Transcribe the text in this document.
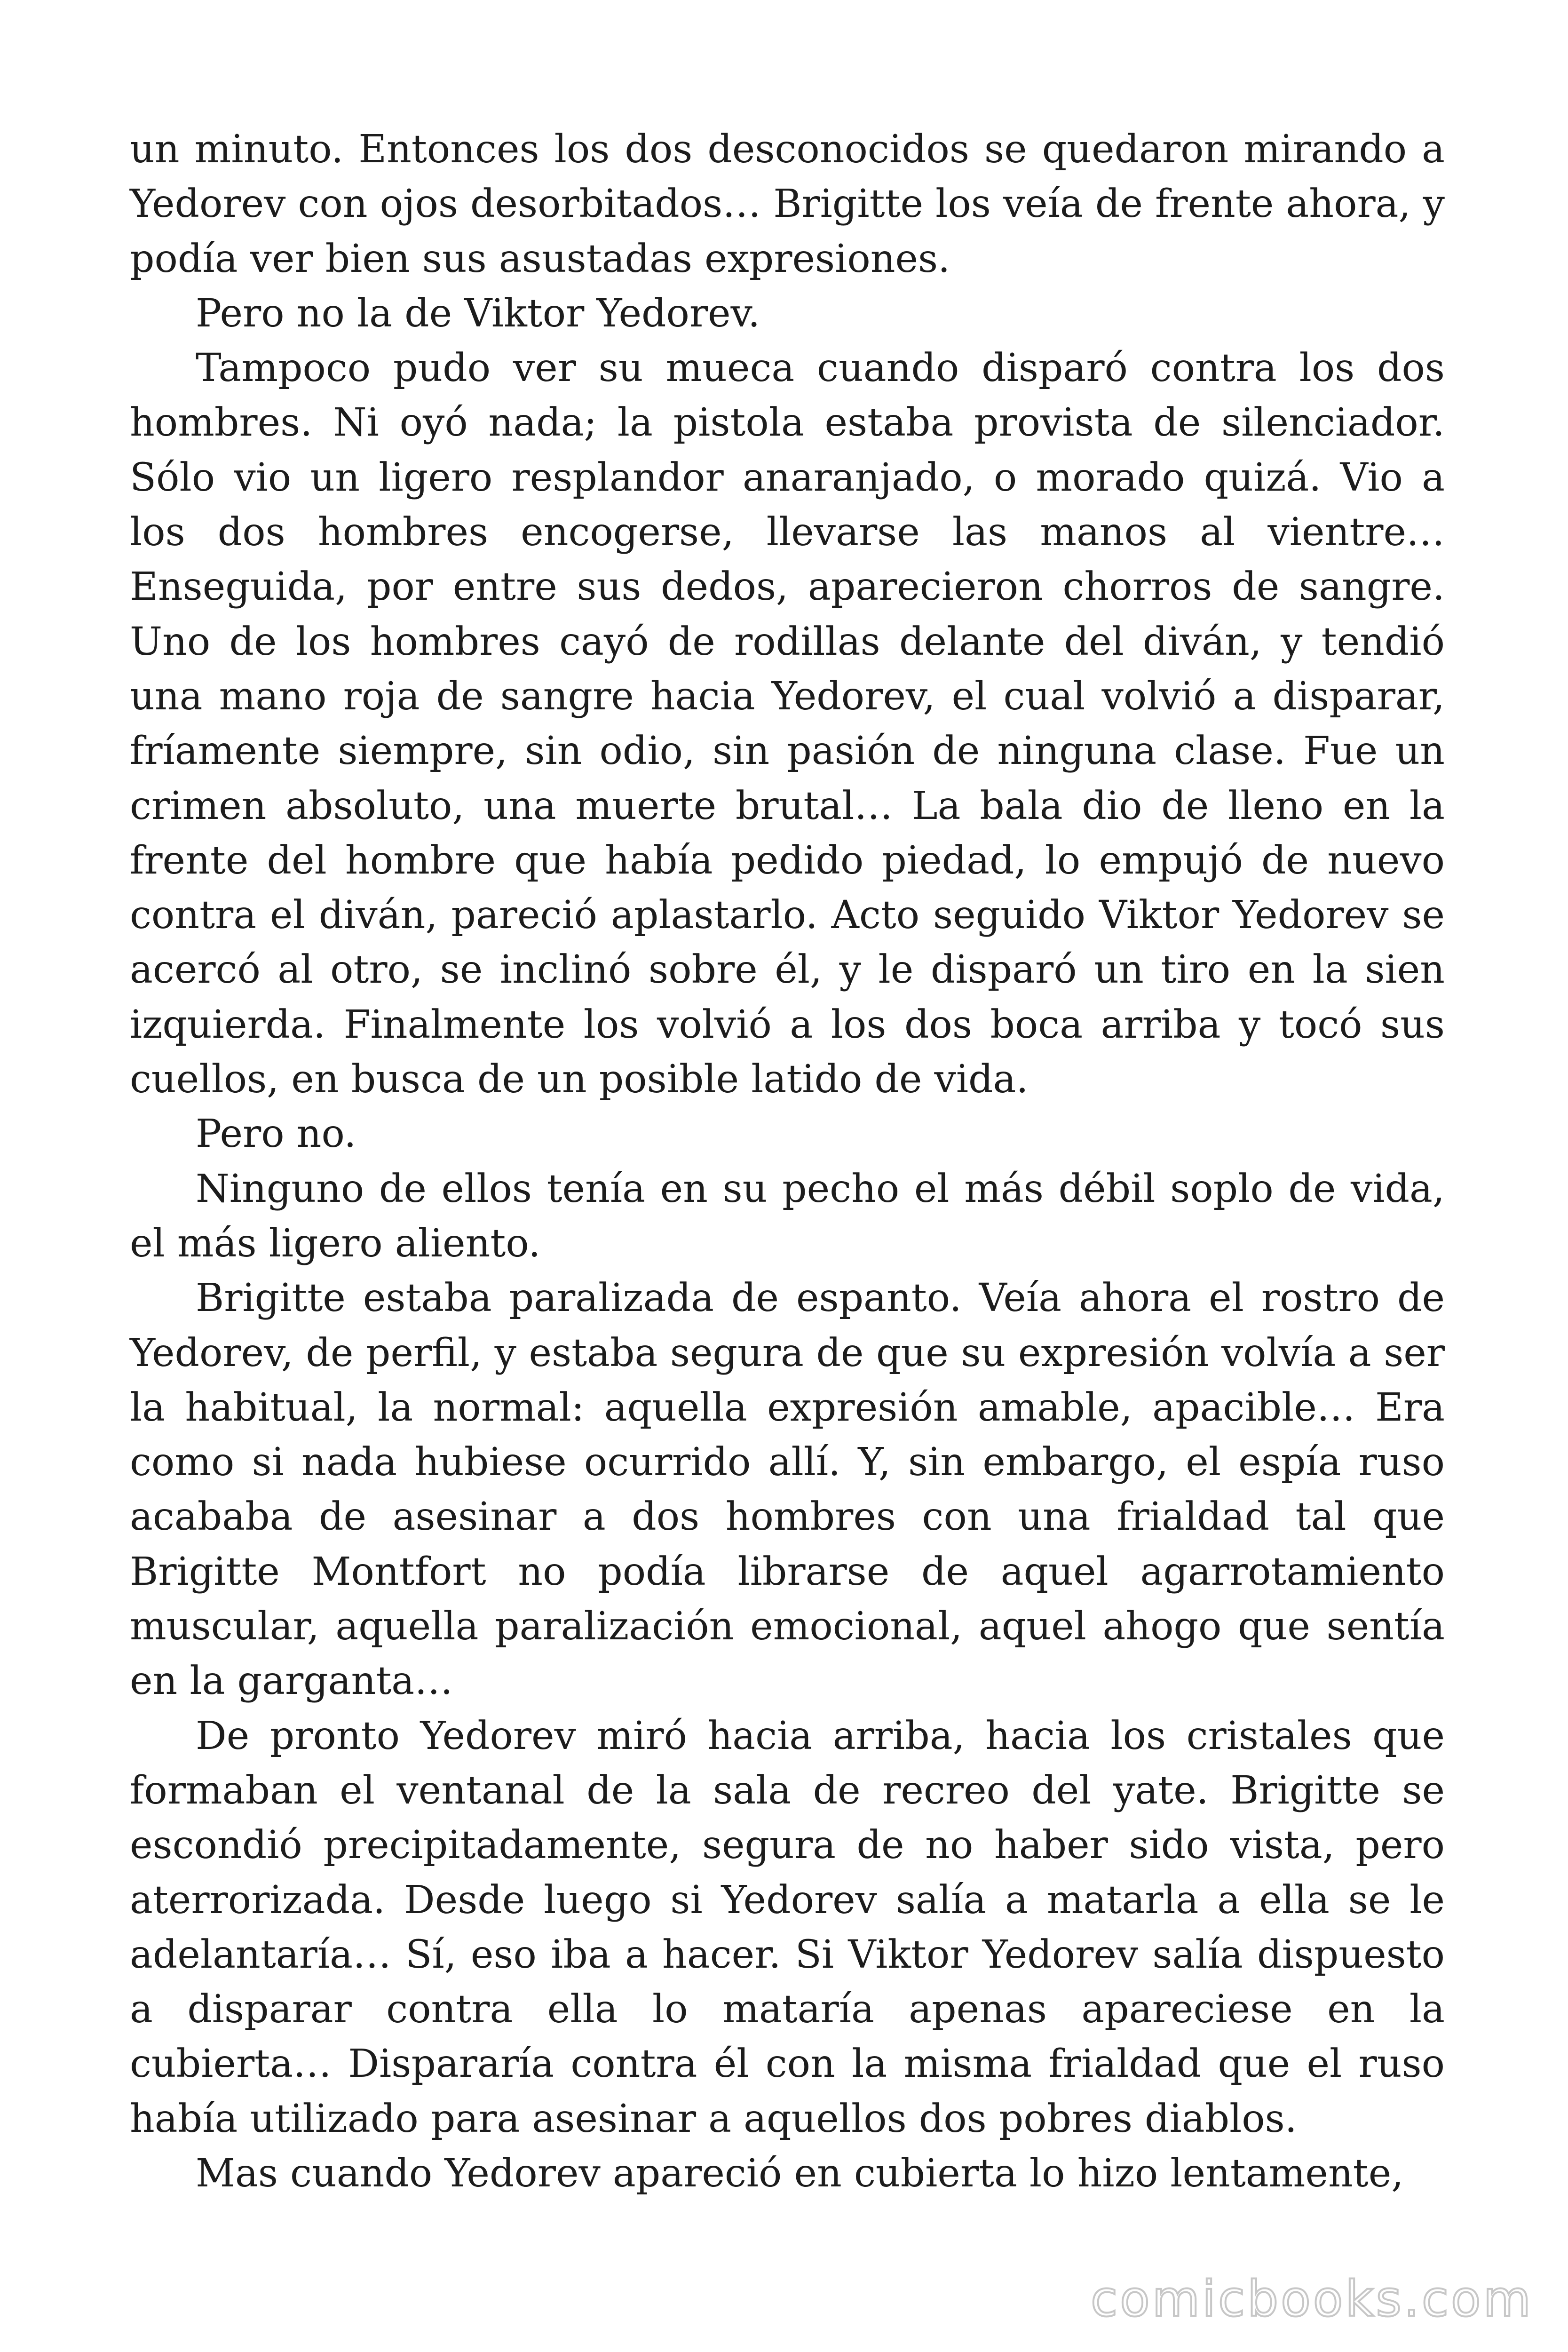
un minuto. Entonces los dos desconocidos se quedaron mirando a Yedorev con ojos desorbitados… Brigitte los veía de frente ahora, y podía ver bien sus asustadas expresiones.

Pero no la de Viktor Yedorev.

Tampoco pudo ver su mueca cuando disparó contra los dos hombres. Ni oyó nada; la pistola estaba provista de silenciador. Sólo vio un ligero resplandor anaranjado, o morado quizá. Vio a los dos hombres encogerse, llevarse las manos al vientre… Enseguida, por entre sus dedos, aparecieron chorros de sangre. Uno de los hombres cayó de rodillas delante del diván, y tendió una mano roja de sangre hacia Yedorev, el cual volvió a disparar, fríamente siempre, sin odio, sin pasión de ninguna clase. Fue un crimen absoluto, una muerte brutal… La bala dio de lleno en la frente del hombre que había pedido piedad, lo empujó de nuevo contra el diván, pareció aplastarlo. Acto seguido Viktor Yedorev se acercó al otro, se inclinó sobre él, y le disparó un tiro en la sien izquierda. Finalmente los volvió a los dos boca arriba y tocó sus cuellos, en busca de un posible latido de vida.

Pero no.

Ninguno de ellos tenía en su pecho el más débil soplo de vida, el más ligero aliento.

Brigitte estaba paralizada de espanto. Veía ahora el rostro de Yedorev, de perfil, y estaba segura de que su expresión volvía a ser la habitual, la normal: aquella expresión amable, apacible… Era como si nada hubiese ocurrido allí. Y, sin embargo, el espía ruso acababa de asesinar a dos hombres con una frialdad tal que Brigitte Montfort no podía librarse de aquel agarrotamiento muscular, aquella paralización emocional, aquel ahogo que sentía en la garganta…

De pronto Yedorev miró hacia arriba, hacia los cristales que formaban el ventanal de la sala de recreo del yate. Brigitte se escondió precipitadamente, segura de no haber sido vista, pero aterrorizada. Desde luego si Yedorev salía a matarla a ella se le adelantaría… Sí, eso iba a hacer. Si Viktor Yedorev salía dispuesto a disparar contra ella lo mataría apenas apareciese en la cubierta… Dispararía contra él con la misma frialdad que el ruso había utilizado para asesinar a aquellos dos pobres diablos.

Mas cuando Yedorev apareció en cubierta lo hizo lentamente,

comicbooks.com
